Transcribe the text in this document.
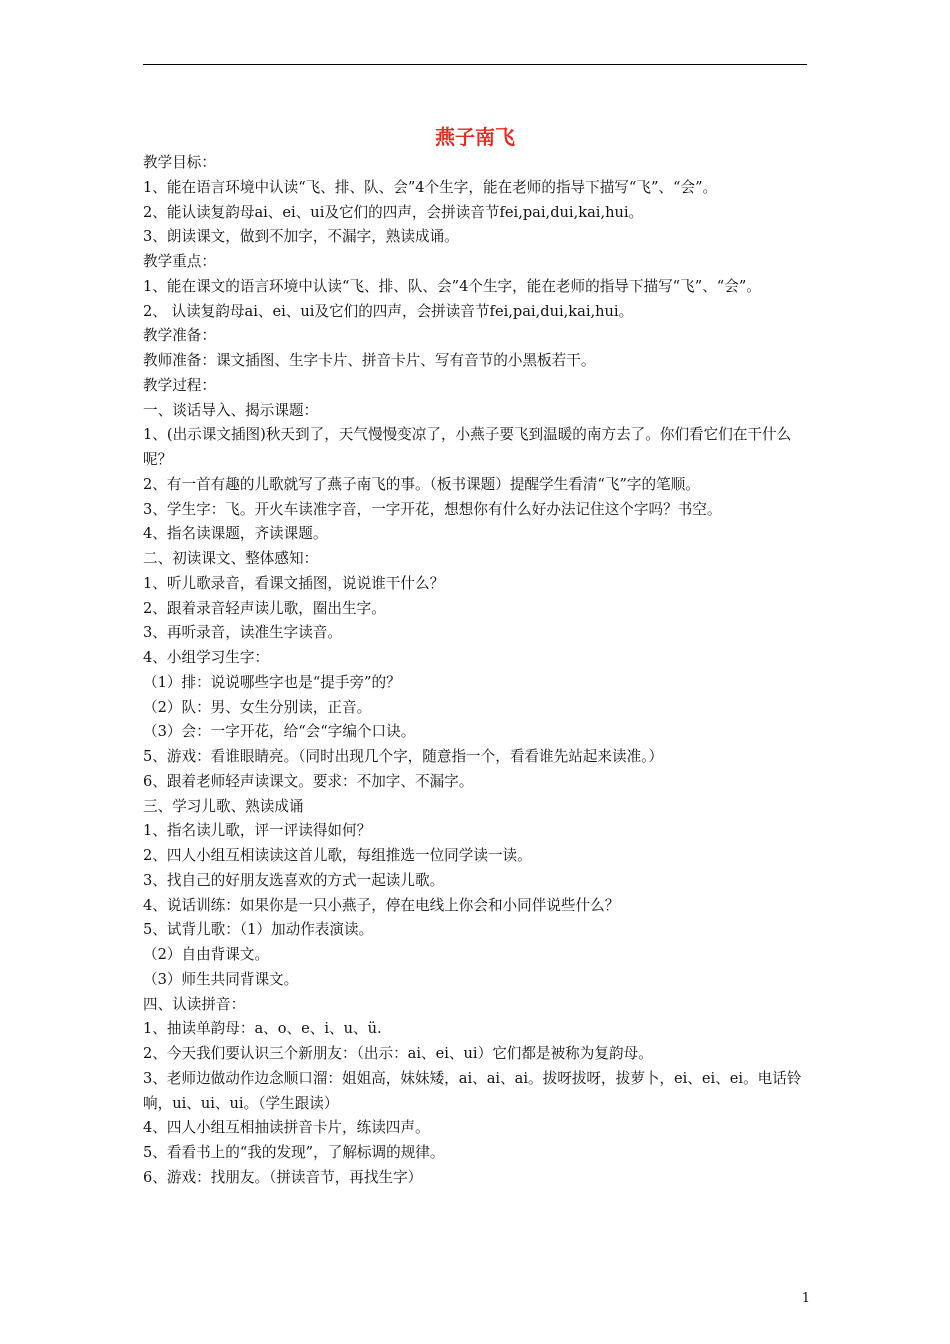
燕子南飞

教学目标：

1、能在语言环境中认读“飞、排、队、会”4个生字，能在老师的指导下描写“飞”、“会”。

2、能认读复韵母ai、ei、ui及它们的四声，会拼读音节fei,pai,dui,kai,hui。

3、朗读课文，做到不加字，不漏字，熟读成诵。

教学重点：

1、能在课文的语言环境中认读“飞、排、队、会”4个生字，能在老师的指导下描写“飞”、“会”。

2、 认读复韵母ai、ei、ui及它们的四声，会拼读音节fei,pai,dui,kai,hui。

教学准备：

教师准备：课文插图、生字卡片、拼音卡片、写有音节的小黑板若干。

教学过程：

一、谈话导入、揭示课题：

1、(出示课文插图)秋天到了，天气慢慢变凉了，小燕子要飞到温暖的南方去了。你们看它们在干什么呢？

2、有一首有趣的儿歌就写了燕子南飞的事。（板书课题）提醒学生看清“飞”字的笔顺。

3、学生字：飞。开火车读准字音，一字开花，想想你有什么好办法记住这个字吗？书空。

4、指名读课题，齐读课题。

二、初读课文、整体感知：

1、听儿歌录音，看课文插图，说说谁干什么？

2、跟着录音轻声读儿歌，圈出生字。

3、再听录音，读准生字读音。

4、小组学习生字：

（1）排：说说哪些字也是“提手旁”的？

（2）队：男、女生分别读，正音。

（3）会：一字开花，给“会“字编个口诀。

5、游戏：看谁眼睛亮。（同时出现几个字，随意指一个，看看谁先站起来读准。）

6、跟着老师轻声读课文。要求：不加字、不漏字。

三、学习儿歌、熟读成诵

1、指名读儿歌，评一评读得如何？

2、四人小组互相读读这首儿歌，每组推选一位同学读一读。

3、找自己的好朋友选喜欢的方式一起读儿歌。

4、说话训练：如果你是一只小燕子，停在电线上你会和小同伴说些什么？

5、试背儿歌：（1）加动作表演读。

（2）自由背课文。

（3）师生共同背课文。

四、认读拼音：

1、抽读单韵母：a、o、e、i、u、ü.

2、今天我们要认识三个新朋友：（出示：ai、ei、ui）它们都是被称为复韵母。

3、老师边做动作边念顺口溜：姐姐高，妹妹矮，ai、ai、ai。拔呀拔呀，拔萝卜，ei、ei、ei。电话铃响，ui、ui、ui。（学生跟读）

4、四人小组互相抽读拼音卡片，练读四声。

5、看看书上的“我的发现”，了解标调的规律。

6、游戏：找朋友。（拼读音节，再找生字）

1
